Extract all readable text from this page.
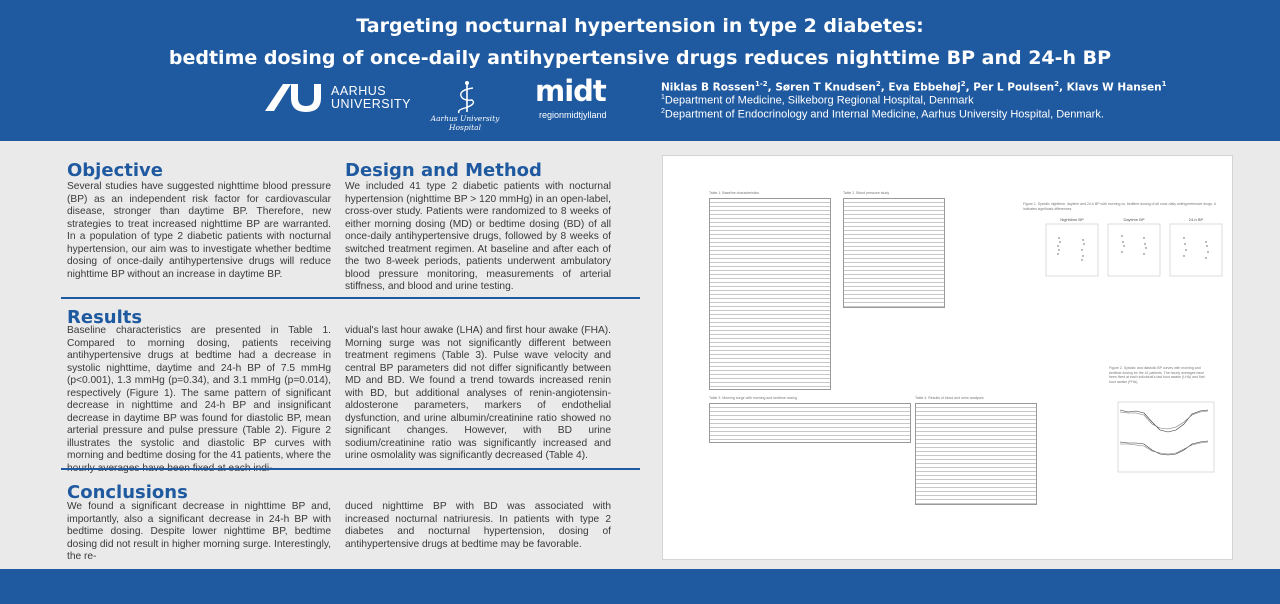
Targeting nocturnal hypertension in type 2 diabetes:
bedtime dosing of once-daily antihypertensive drugs reduces nighttime BP and 24-h BP
AARHUS
UNIVERSITY
Aarhus University Hospital
midt
regionmidtjylland
Niklas B Rossen$^{1-2}$, Søren T Knudsen$^2$, Eva Ebbehøj$^2$, Per L Poulsen$^2$, Klavs W Hansen$^1$
$^1$Department of Medicine, Silkeborg Regional Hospital, Denmark
$^2$Department of Endocrinology and Internal Medicine, Aarhus University Hospital, Denmark.
Objective

Several studies have suggested nighttime blood pressure (BP) as an independent risk factor for cardiovascular disease, stronger than daytime BP. Therefore, new strategies to treat increased nighttime BP are warranted. In a population of type 2 diabetic patients with nocturnal hypertension, our aim was to investigate whether bedtime dosing of once-daily antihypertensive drugs will reduce nighttime BP without an increase in daytime BP.

Design and Method

We included 41 type 2 diabetic patients with nocturnal hypertension (nighttime BP > 120 mmHg) in an open-label, cross-over study. Patients were randomized to 8 weeks of either morning dosing (MD) or bedtime dosing (BD) of all once-daily antihypertensive drugs, followed by 8 weeks of switched treatment regimen. At baseline and after each of the two 8-week periods, patients underwent ambulatory blood pressure monitoring, measurements of arterial stiffness, and blood and urine testing.

Results

Baseline characteristics are presented in Table 1. Compared to morning dosing, patients receiving antihypertensive drugs at bedtime had a decrease in systolic nighttime, daytime and 24-h BP of 7.5 mmHg (p<0.001), 1.3 mmHg (p=0.34), and 3.1 mmHg (p=0.014), respectively (Figure 1). The same pattern of significant decrease in nighttime and 24-h BP and insignificant decrease in daytime BP was found for diastolic BP, mean arterial pressure and pulse pressure (Table 2). Figure 2 illustrates the systolic and diastolic BP curves with morning and bedtime dosing for the 41 patients, where the

vidual's last hour awake (LHA) and first hour awake (FHA). Morning surge was not significantly different between treatment regimens (Table 3). Pulse wave velocity and central BP parameters did not differ significantly between MD and BD. We found a trend towards increased renin with BD, but additional analyses of renin-angiotensin-aldosterone parameters, markers of endothelial dysfunction, and urine albumin/creatinine ratio showed no significant changes. However, with BD urine sodium/creatinine ratio was significantly increased and urine osmolality was significantly decreased (Table 4).

Conclusions

We found a significant decrease in nighttime BP and, importantly, also a significant decrease in 24-h BP with bedtime dosing. Despite lower nighttime BP, bedtime dosing did not result in higher morning surge. Interestingly, the re-

duced nighttime BP with BD was associated with increased nocturnal natriuresis. In patients with type 2 diabetes and nocturnal hypertension, dosing of antihypertensive drugs at bedtime may be favorable.

Table 1. Baseline characteristics	Table 2. Blood pressure study
Figure 1. Systolic nighttime, daytime and 24-h BP with morning vs. bedtime dosing of all once-daily antihypertensive drugs. # indicates significant differences
Nighttime BP	Daytime BP	24-h BP
Table 3. Morning surge with morning and bedtime dosing	Table 4. Results of blood and urine analyses
Figure 2. Systolic and diastolic BP curves with morning and bedtime dosing for the 41 patients. The hourly averages have been fixed at each individual's last hour awake (LHA) and first hour awake (FHA).
